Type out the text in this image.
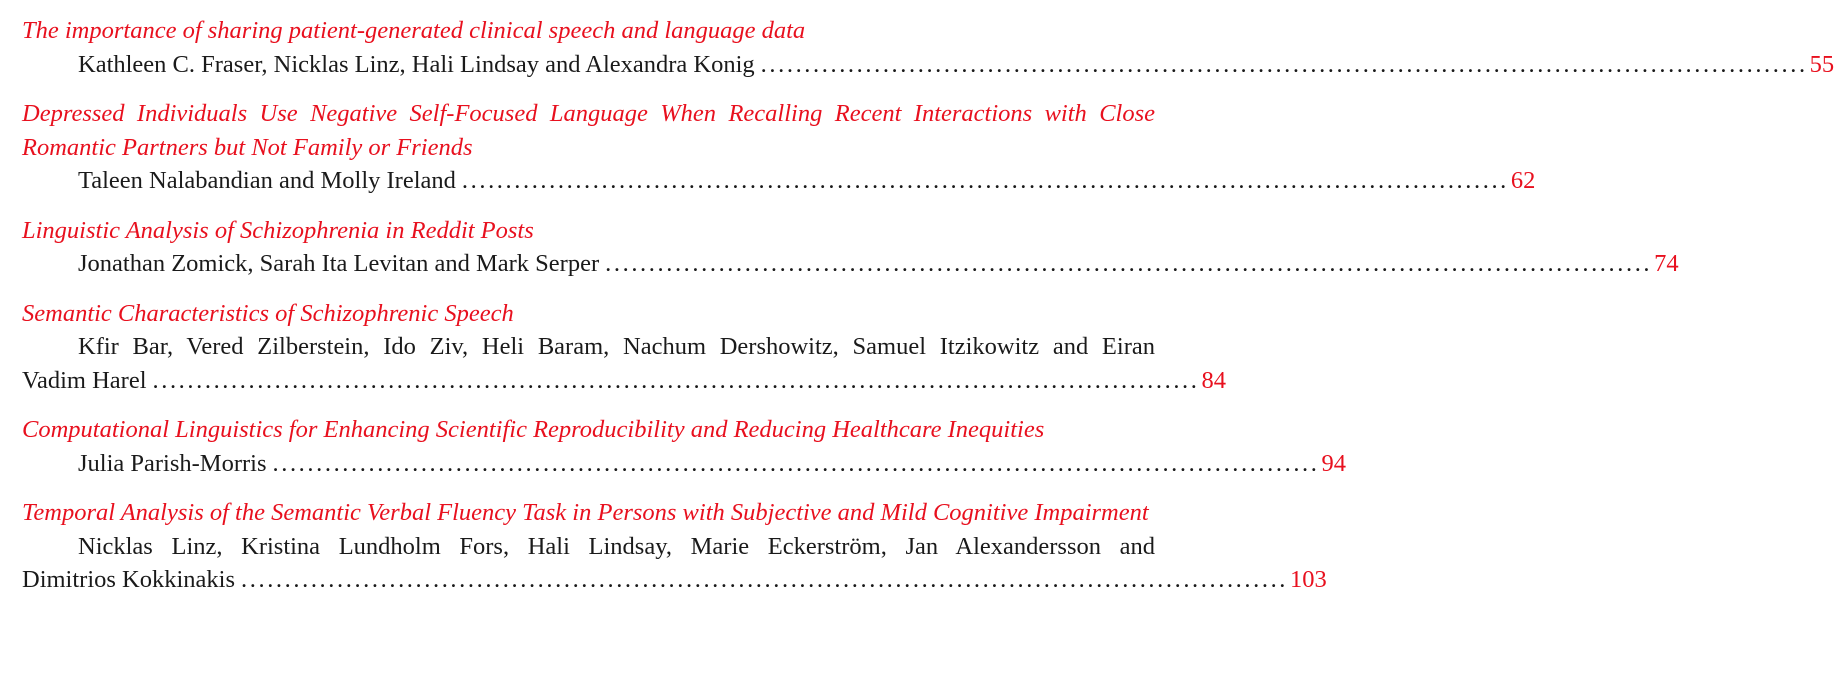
The importance of sharing patient-generated clinical speech and language data
Kathleen C. Fraser, Nicklas Linz, Hali Lindsay and Alexandra Konig ........................................................................................................................ 55
Depressed Individuals Use Negative Self-Focused Language When Recalling Recent Interactions with Close Romantic Partners but Not Family or Friends
Taleen Nalabandian and Molly Ireland ........................................................................................................................ 62
Linguistic Analysis of Schizophrenia in Reddit Posts
Jonathan Zomick, Sarah Ita Levitan and Mark Serper ........................................................................................................................ 74
Semantic Characteristics of Schizophrenic Speech
Kfir Bar, Vered Zilberstein, Ido Ziv, Heli Baram, Nachum Dershowitz, Samuel Itzikowitz and Eiran
Vadim Harel ........................................................................................................................ 84
Computational Linguistics for Enhancing Scientific Reproducibility and Reducing Healthcare Inequities
Julia Parish-Morris ........................................................................................................................ 94
Temporal Analysis of the Semantic Verbal Fluency Task in Persons with Subjective and Mild Cognitive Impairment
Nicklas Linz, Kristina Lundholm Fors, Hali Lindsay, Marie Eckerström, Jan Alexandersson and
Dimitrios Kokkinakis ........................................................................................................................ 103
